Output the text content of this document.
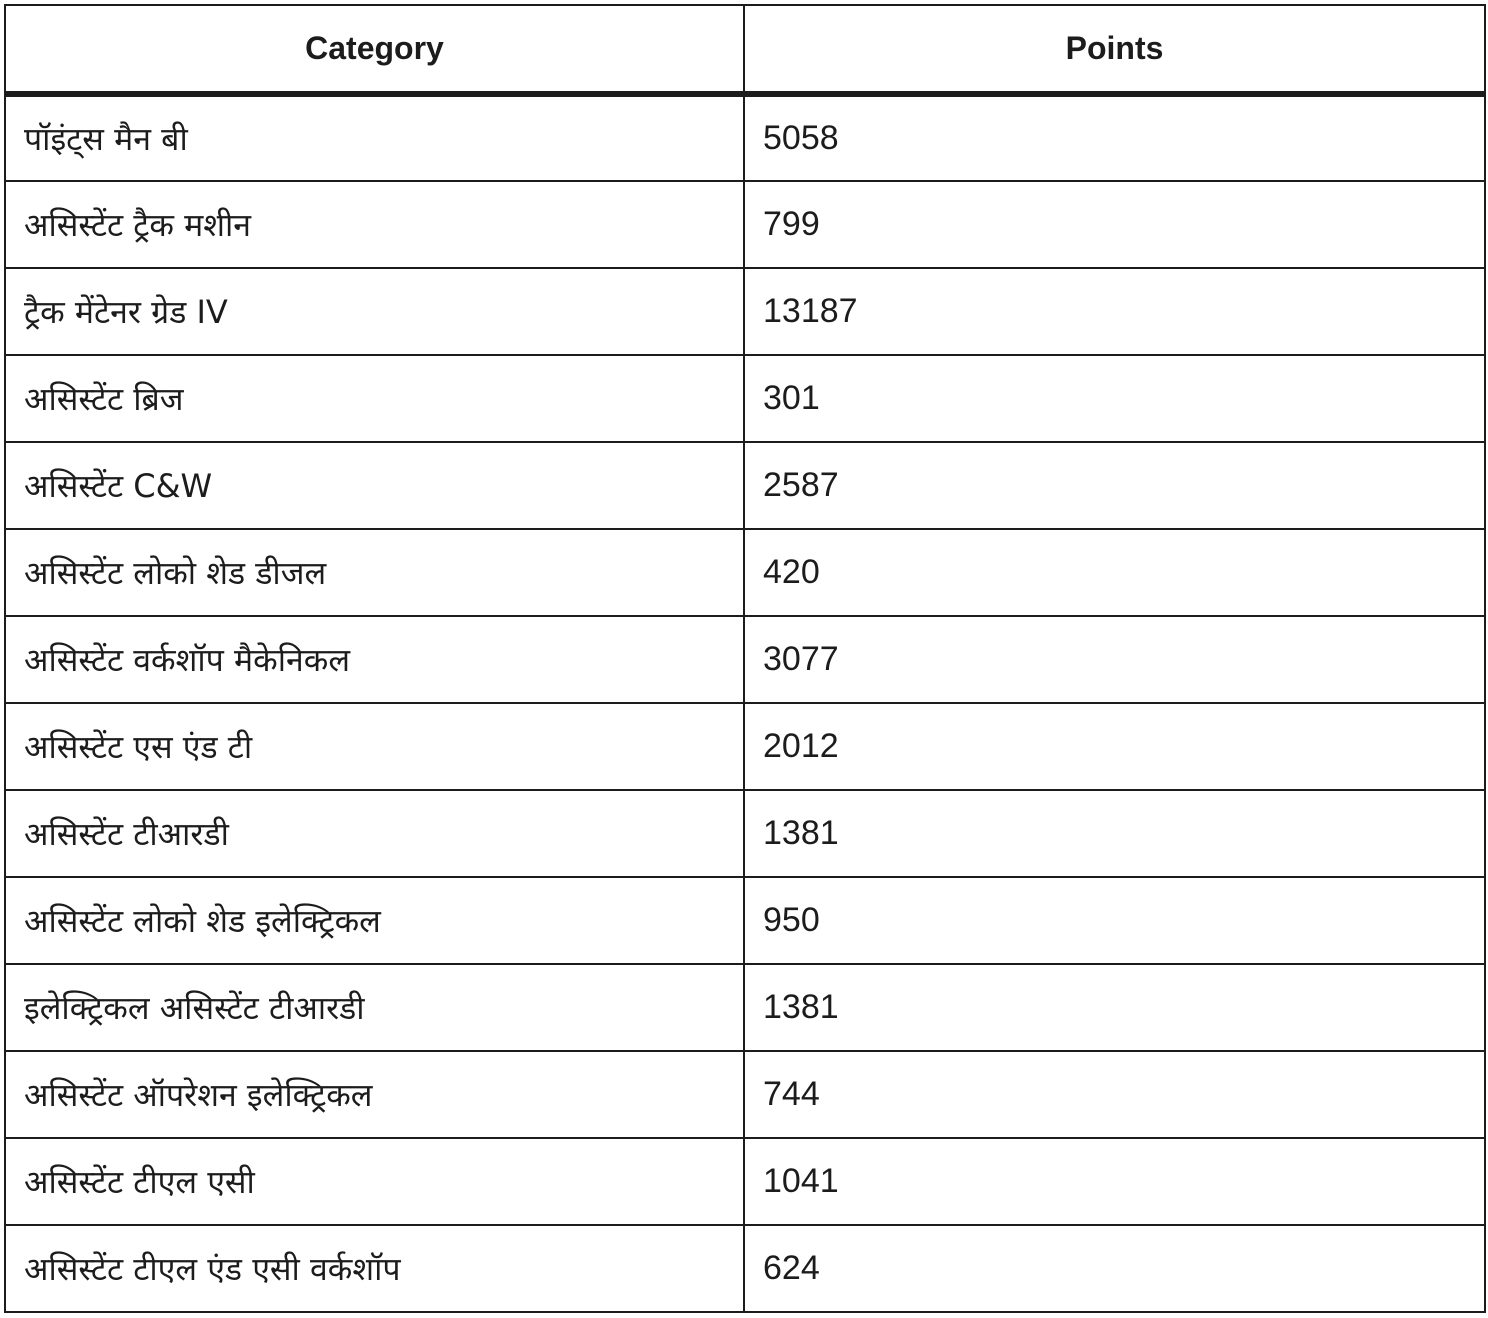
Category	Points
पॉइंट्स मैन बी	5058
असिस्टेंट ट्रैक मशीन	799
ट्रैक मेंटेनर ग्रेड IV	13187
असिस्टेंट ब्रिज	301
असिस्टेंट C&W	2587
असिस्टेंट लोको शेड डीजल	420
असिस्टेंट वर्कशॉप मैकेनिकल	3077
असिस्टेंट एस एंड टी	2012
असिस्टेंट टीआरडी	1381
असिस्टेंट लोको शेड इलेक्ट्रिकल	950
इलेक्ट्रिकल असिस्टेंट टीआरडी	1381
असिस्टेंट ऑपरेशन इलेक्ट्रिकल	744
असिस्टेंट टीएल एसी	1041
असिस्टेंट टीएल एंड एसी वर्कशॉप	624
